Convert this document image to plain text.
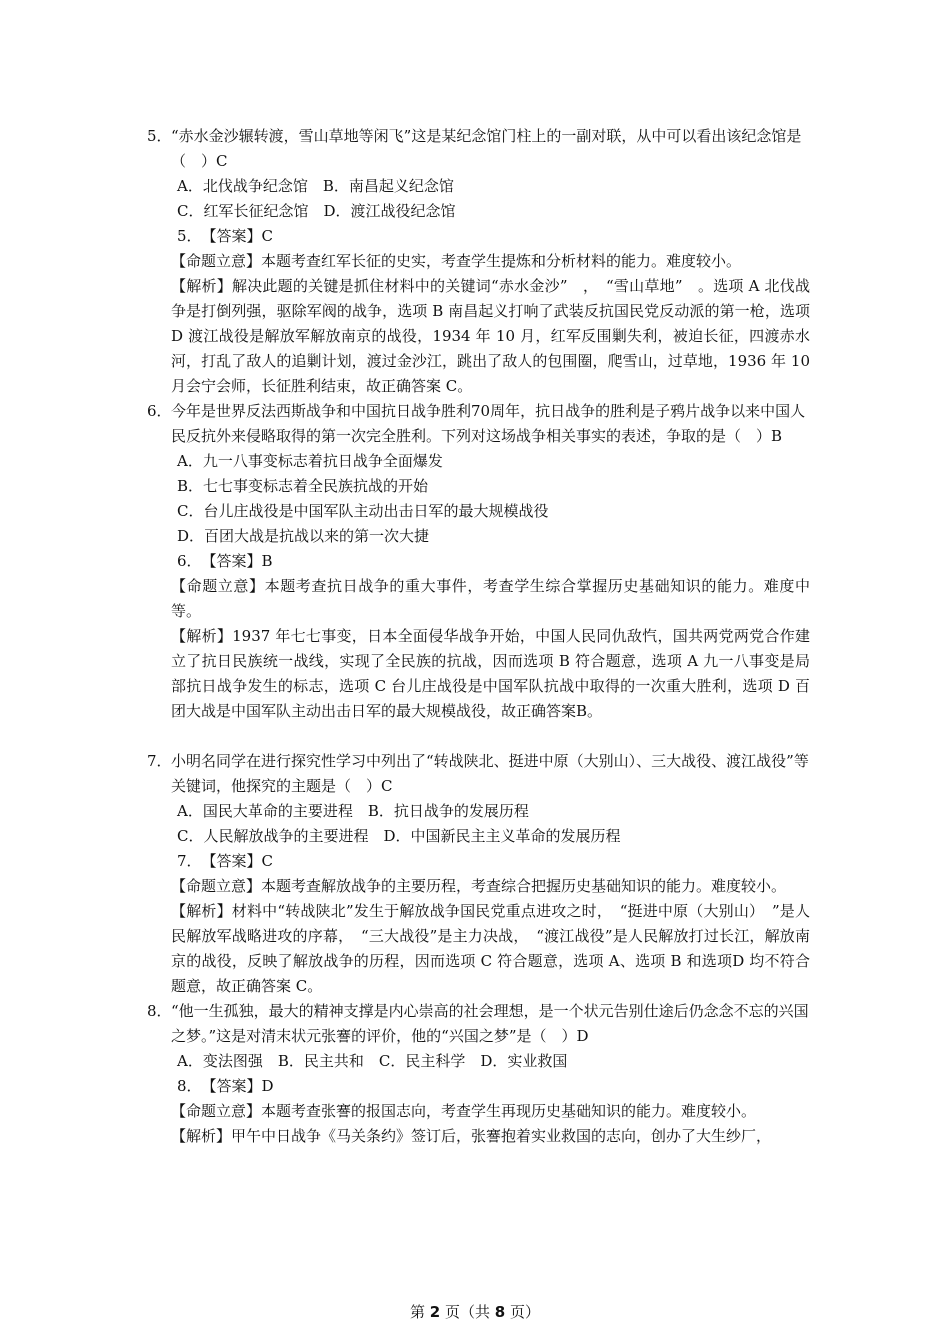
5．“赤水金沙辗转渡，雪山草地等闲飞”这是某纪念馆门柱上的一副对联，从中可以看出该纪念馆是（　）C

A．北伐战争纪念馆　B．南昌起义纪念馆

C．红军长征纪念馆　D．渡江战役纪念馆

5．　【答案】C

【命题立意】本题考查红军长征的史实，考查学生提炼和分析材料的能力。难度较小。

【解析】解决此题的关键是抓住材料中的关键词“赤水金沙”　，　“雪山草地”　。选项 A 北伐战争是打倒列强，驱除军阀的战争，选项 B 南昌起义打响了武装反抗国民党反动派的第一枪，选项 D 渡江战役是解放军解放南京的战役，1934 年 10 月，红军反围剿失利，被迫长征，四渡赤水河，打乱了敌人的追剿计划，渡过金沙江，跳出了敌人的包围圈，爬雪山，过草地，1936 年 10 月会宁会师，长征胜利结束，故正确答案 C。

6．今年是世界反法西斯战争和中国抗日战争胜利70周年，抗日战争的胜利是子鸦片战争以来中国人民反抗外来侵略取得的第一次完全胜利。下列对这场战争相关事实的表述，争取的是（　）B

A．九一八事变标志着抗日战争全面爆发

B．七七事变标志着全民族抗战的开始

C．台儿庄战役是中国军队主动出击日军的最大规模战役

D．百团大战是抗战以来的第一次大捷

6．　【答案】B

【命题立意】本题考查抗日战争的重大事件，考查学生综合掌握历史基础知识的能力。难度中等。

【解析】1937 年七七事变，日本全面侵华战争开始，中国人民同仇敌忾，国共两党两党合作建立了抗日民族统一战线，实现了全民族的抗战，因而选项 B 符合题意，选项 A 九一八事变是局部抗日战争发生的标志，选项 C 台儿庄战役是中国军队抗战中取得的一次重大胜利，选项 D 百团大战是中国军队主动出击日军的最大规模战役，故正确答案B。

7．小明名同学在进行探究性学习中列出了“转战陕北、挺进中原（大别山）、三大战役、渡江战役”等关键词，他探究的主题是（　）C

A．国民大革命的主要进程　B．抗日战争的发展历程

C．人民解放战争的主要进程　D．中国新民主主义革命的发展历程

7．　【答案】C

【命题立意】本题考查解放战争的主要历程，考查综合把握历史基础知识的能力。难度较小。

【解析】材料中“转战陕北”发生于解放战争国民党重点进攻之时，　“挺进中原（大别山）　”是人民解放军战略进攻的序幕，　“三大战役”是主力决战，　“渡江战役”是人民解放打过长江，解放南京的战役，反映了解放战争的历程，因而选项 C 符合题意，选项 A、选项 B 和选项D 均不符合题意，故正确答案 C。

8．“他一生孤独，最大的精神支撑是内心崇高的社会理想，是一个状元告别仕途后仍念念不忘的兴国之梦。”这是对清末状元张謇的评价，他的“兴国之梦”是（　）D

A．变法图强　B．民主共和　C．民主科学　D．实业救国

8．　【答案】D

【命题立意】本题考查张謇的报国志向，考查学生再现历史基础知识的能力。难度较小。

【解析】甲午中日战争《马关条约》签订后，张謇抱着实业救国的志向，创办了大生纱厂，

第 2 页（共 8 页）
